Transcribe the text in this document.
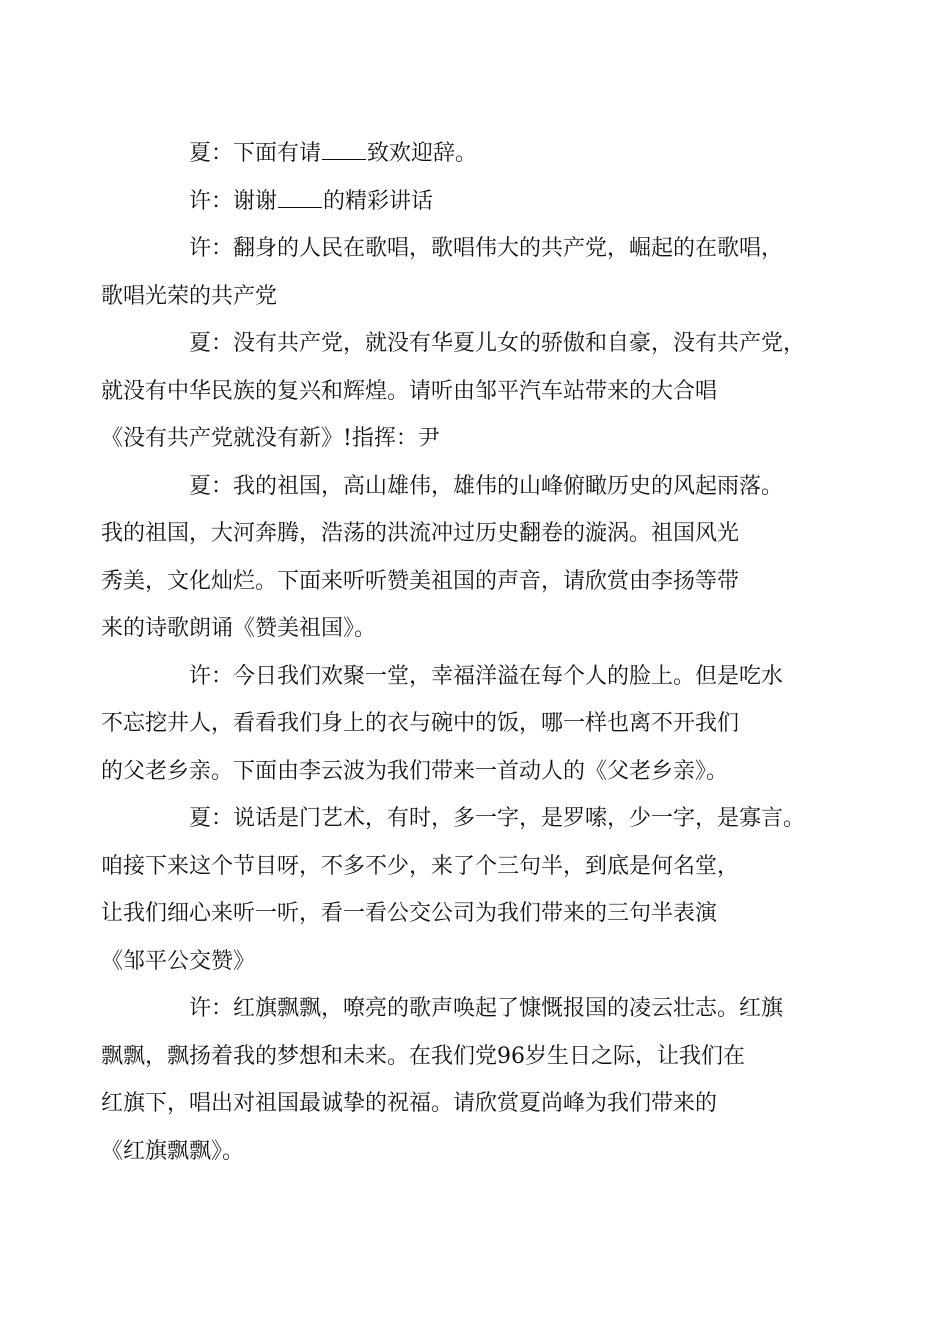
夏：下面有请 致欢迎辞。

许：谢谢 的精彩讲话

许：翻身的人民在歌唱，歌唱伟大的共产党，崛起的在歌唱，
歌唱光荣的共产党

夏：没有共产党，就没有华夏儿女的骄傲和自豪，没有共产党，
就没有中华民族的复兴和辉煌。请听由邹平汽车站带来的大合唱
《没有共产党就没有新》!指挥：尹

夏：我的祖国，高山雄伟，雄伟的山峰俯瞰历史的风起雨落。
我的祖国，大河奔腾，浩荡的洪流冲过历史翻卷的漩涡。祖国风光
秀美，文化灿烂。下面来听听赞美祖国的声音，请欣赏由李扬等带
来的诗歌朗诵《赞美祖国》。

许：今日我们欢聚一堂，幸福洋溢在每个人的脸上。但是吃水
不忘挖井人，看看我们身上的衣与碗中的饭，哪一样也离不开我们
的父老乡亲。下面由李云波为我们带来一首动人的《父老乡亲》。

夏：说话是门艺术，有时，多一字，是罗嗦，少一字，是寡言。
咱接下来这个节目呀，不多不少，来了个三句半，到底是何名堂，
让我们细心来听一听，看一看公交公司为我们带来的三句半表演
《邹平公交赞》

许：红旗飘飘，嘹亮的歌声唤起了慷慨报国的凌云壮志。红旗
飘飘，飘扬着我的梦想和未来。在我们党96岁生日之际，让我们在
红旗下，唱出对祖国最诚挚的祝福。请欣赏夏尚峰为我们带来的
《红旗飘飘》。
